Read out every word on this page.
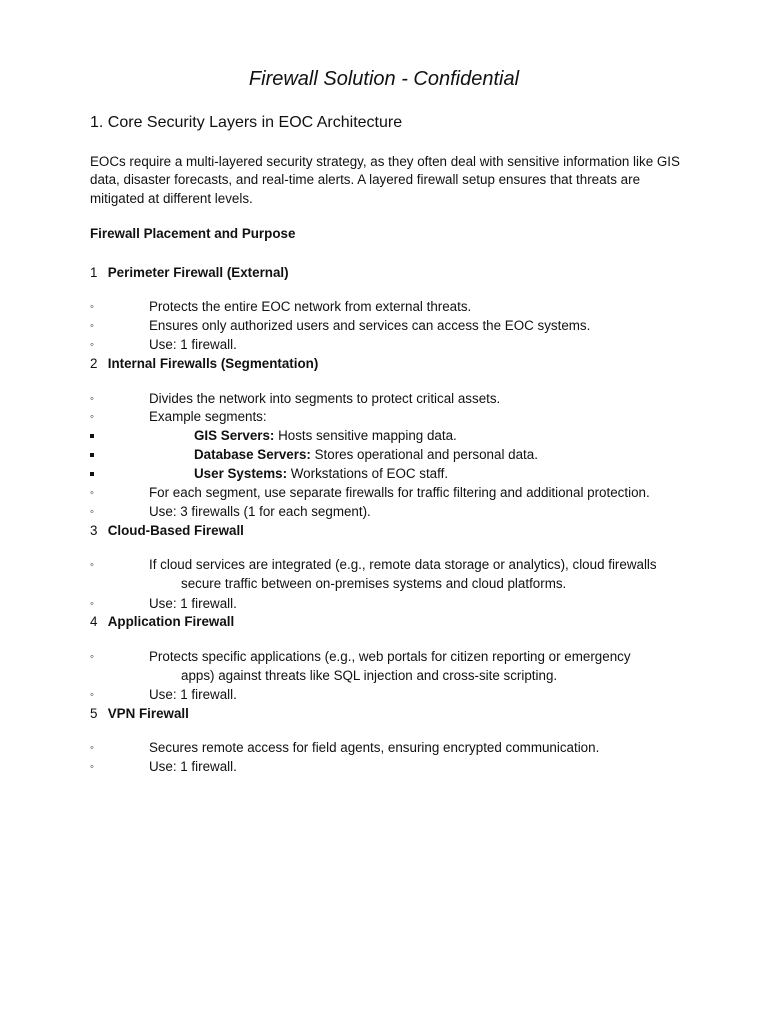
Firewall Solution - Confidential
1. Core Security Layers in EOC Architecture

EOCs require a multi-layered security strategy, as they often deal with sensitive information like GIS data, disaster forecasts, and real-time alerts. A layered firewall setup ensures that threats are mitigated at different levels.

Firewall Placement and Purpose

1 Perimeter Firewall (External)

◦	Protects the entire EOC network from external threats.

◦	Ensures only authorized users and services can access the EOC systems.

◦	Use: 1 firewall.

2 Internal Firewalls (Segmentation)

◦	Divides the network into segments to protect critical assets.

◦	Example segments:

GIS Servers: Hosts sensitive mapping data.

Database Servers: Stores operational and personal data.

User Systems: Workstations of EOC staff.

◦	For each segment, use separate firewalls for traffic filtering and additional protection.

◦	Use: 3 firewalls (1 for each segment).

3 Cloud-Based Firewall

◦	If cloud services are integrated (e.g., remote data storage or analytics), cloud firewalls
secure traffic between on-premises systems and cloud platforms.

◦	Use: 1 firewall.

4 Application Firewall

◦	Protects specific applications (e.g., web portals for citizen reporting or emergency
apps) against threats like SQL injection and cross-site scripting.

◦	Use: 1 firewall.

5 VPN Firewall

◦	Secures remote access for field agents, ensuring encrypted communication.

◦	Use: 1 firewall.
